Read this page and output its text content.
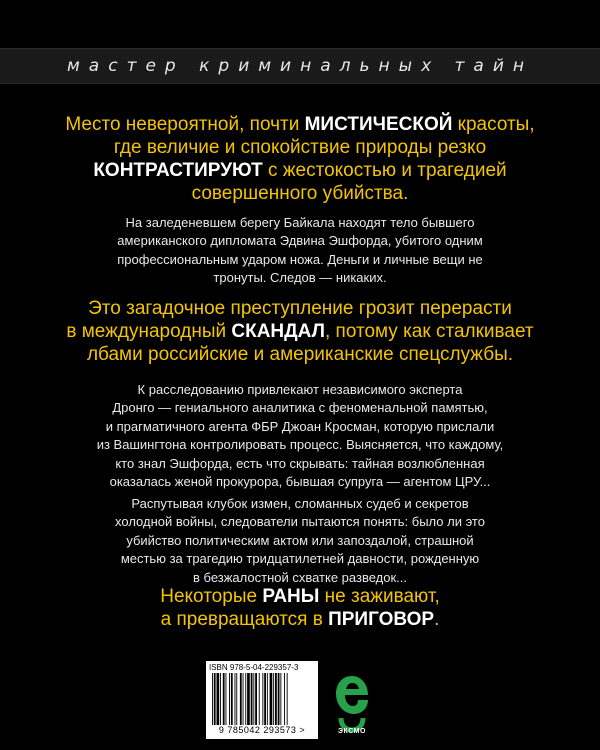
мастер криминальных тайн
Место невероятной, почти МИСТИЧЕСКОЙ красоты,
где величие и спокойствие природы резко
КОНТРАСТИРУЮТ с жестокостью и трагедией
совершенного убийства.

На заледеневшем берегу Байкала находят тело бывшего

американского дипломата Эдвина Эшфорда, убитого одним

профессиональным ударом ножа. Деньги и личные вещи не

тронуты. Следов — никаких.

Это загадочное преступление грозит перерасти
в международный СКАНДАЛ, потому как сталкивает
лбами российские и американские спецслужбы.

К расследованию привлекают независимого эксперта

Дронго — гениального аналитика с феноменальной памятью,

и прагматичного агента ФБР Джоан Кросман, которую прислали

из Вашингтона контролировать процесс. Выясняется, что каждому,

кто знал Эшфорда, есть что скрывать: тайная возлюбленная

оказалась женой прокурора, бывшая супруга — агентом ЦРУ...

Распутывая клубок измен, сломанных судеб и секретов

холодной войны, следователи пытаются понять: было ли это

убийство политическим актом или запоздалой, страшной

местью за трагедию тридцатилетней давности, рожденную

в безжалостной схватке разведок...

Некоторые РАНЫ не заживают,
а превращаются в ПРИГОВОР.
ISBN 978-5-04-229357-3
9 785042 293573 >	ЭКСМО
